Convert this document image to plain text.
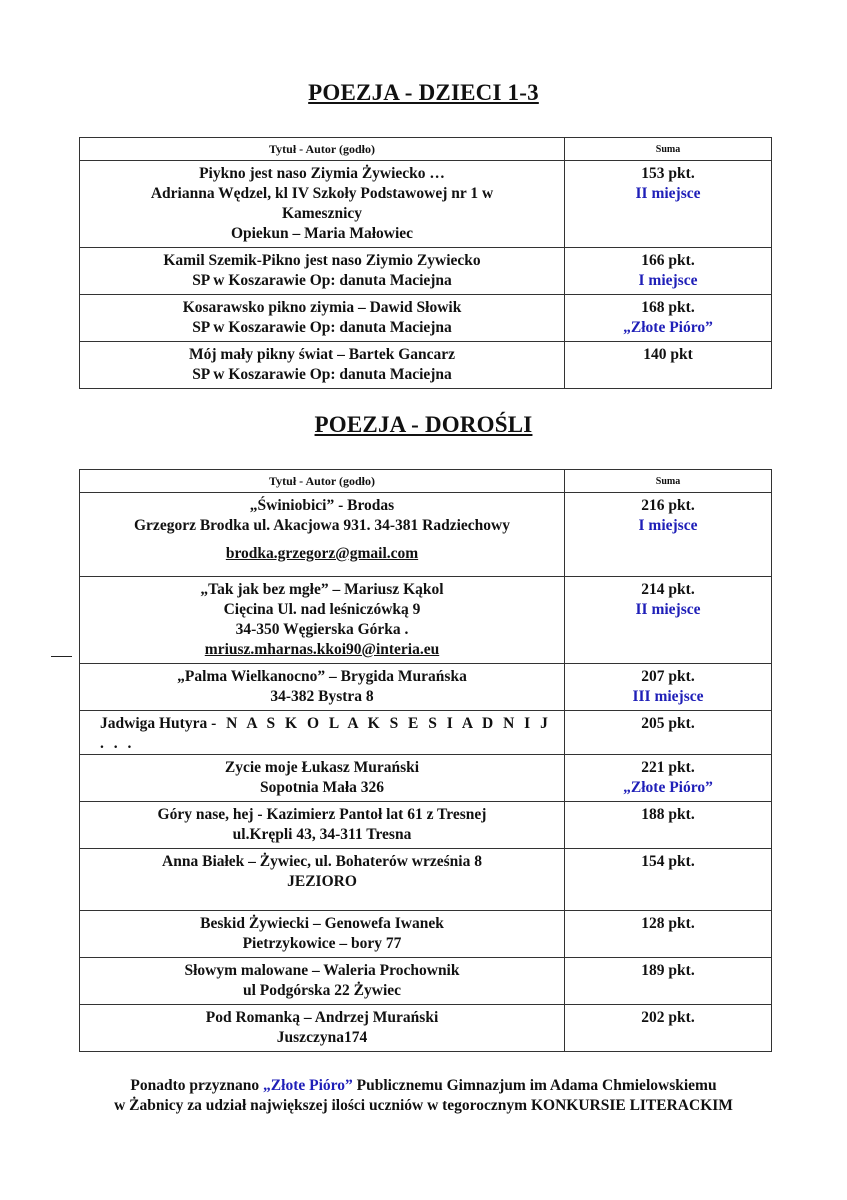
POEZJA - DZIECI 1-3
Tytuł - Autor (godło)	Suma

Piykno jest naso Ziymia Żywiecko …
Adrianna Wędzel, kl IV Szkoły Podstawowej nr 1 w
Kamesznicy
Opiekun – Maria Małowiec	153 pkt.
II miejsce

Kamil Szemik-Pikno jest naso Ziymio Zywiecko
SP w Koszarawie Op: danuta Maciejna	166 pkt.
I miejsce

Kosarawsko pikno ziymia – Dawid Słowik
SP w Koszarawie Op: danuta Maciejna	168 pkt.
„Złote Pióro”

Mój mały pikny świat – Bartek Gancarz
SP w Koszarawie Op: danuta Maciejna	140 pkt
POEZJA - DOROŚLI
Tytuł - Autor (godło)	Suma

„Świniobici” - Brodas
Grzegorz Brodka ul. Akacjowa 931. 34-381 Radziechowy
brodka.grzegorz@gmail.com	216 pkt.
I miejsce

„Tak jak bez mgłe” – Mariusz Kąkol
Cięcina Ul. nad leśniczówką 9
34-350 Węgierska Górka .
mriusz.mharnas.kkoi90@interia.eu	214 pkt.
II miejsce

„Palma Wielkanocno” – Brygida Murańska
34-382 Bystra 8	207 pkt.
III miejsce

Jadwiga Hutyra - N A S K O L A K S E S I A D N I J . . .	205 pkt.

Zycie moje Łukasz Murański
Sopotnia Mała 326	221 pkt.
„Złote Pióro”

Góry nase, hej - Kazimierz Pantoł lat 61 z Tresnej
ul.Krępli 43, 34-311 Tresna	188 pkt.

Anna Białek – Żywiec, ul. Bohaterów września 8
JEZIORO	154 pkt.

Beskid Żywiecki – Genowefa Iwanek
Pietrzykowice – bory 77	128 pkt.

Słowym malowane – Waleria Prochownik
ul Podgórska 22 Żywiec	189 pkt.

Pod Romanką – Andrzej Murański
Juszczyna174	202 pkt.
Ponadto przyznano „Złote Pióro” Publicznemu Gimnazjum im Adama Chmielowskiemu
w Żabnicy za udział największej ilości uczniów w tegorocznym KONKURSIE LITERACKIM
